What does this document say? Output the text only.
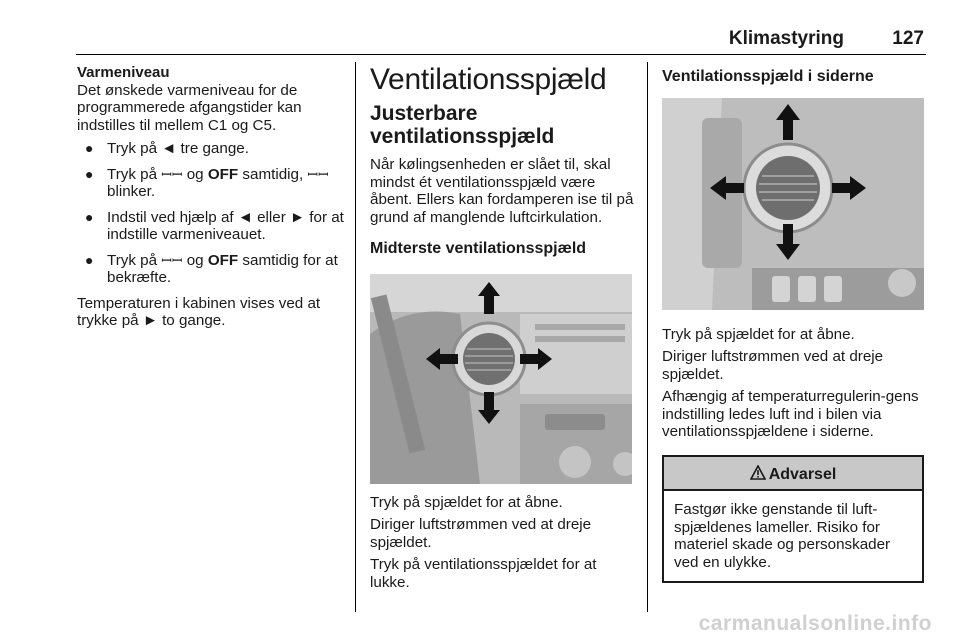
Klimastyring	127
Varmeniveau

Det ønskede varmeniveau for de programmerede afgangstider kan indstilles til mellem C1 og C5.

● Tryk på ◄ tre gange.
● Tryk på ꟷꟷ og OFF samtidig, ꟷꟷ blinker.
● Indstil ved hjælp af ◄ eller ► for at indstille varmeniveauet.
● Tryk på ꟷꟷ og OFF samtidig for at bekræfte.

Temperaturen i kabinen vises ved at trykke på ► to gange.

Ventilationsspjæld
Justerbare ventilationsspjæld

Når kølingsenheden er slået til, skal mindst ét ventilationsspjæld være åbent. Ellers kan fordamperen ise til på grund af manglende luftcirkulation.

Midterste ventilationsspjæld

Tryk på spjældet for at åbne.

Diriger luftstrømmen ved at dreje spjældet.

Tryk på ventilationsspjældet for at lukke.

Ventilationsspjæld i siderne

Tryk på spjældet for at åbne.

Diriger luftstrømmen ved at dreje spjældet.

Afhængig af temperaturregulerin-gens indstilling ledes luft ind i bilen via ventilationsspjældene i siderne.

Advarsel
Fastgør ikke genstande til luft-spjældenes lameller. Risiko for materiel skade og personskader ved en ulykke.
carmanualsonline.info
